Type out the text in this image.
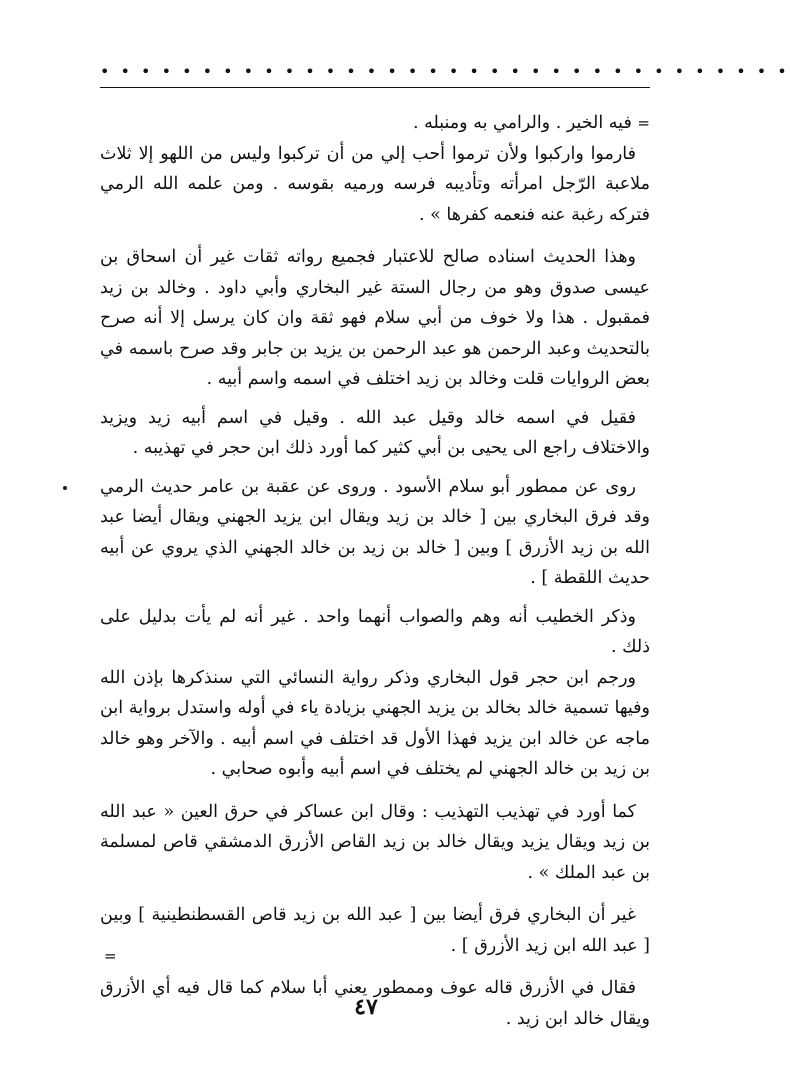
• • • • • • • • • • • • • • • • • • • • • • • • • • • • • • • • • •

= فيه الخير . والرامي به ومنبله .

فارموا واركبوا ولأن ترموا أحب إلي من أن تركبوا وليس من اللهو إلا ثلاث ملاعبة الرّجل امرأته وتأديبه فرسه ورميه بقوسه . ومن علمه الله الرمي فتركه رغبة عنه فنعمه كفرها » .

وهذا الحديث اسناده صالح للاعتبار فجميع رواته ثقات غير أن اسحاق بن عيسى صدوق وهو من رجال الستة غير البخاري وأبي داود . وخالد بن زيد فمقبول . هذا ولا خوف من أبي سلام فهو ثقة وان كان يرسل إلا أنه صرح بالتحديث وعبد الرحمن هو عبد الرحمن بن يزيد بن جابر وقد صرح باسمه في بعض الروايات قلت وخالد بن زيد اختلف في اسمه واسم أبيه .

فقيل في اسمه خالد وقيل عبد الله . وقيل في اسم أبيه زيد ويزيد والاختلاف راجع الى يحيى بن أبي كثير كما أورد ذلك ابن حجر في تهذيبه .

روى عن ممطور أبو سلام الأسود . وروى عن عقبة بن عامر حديث الرمي وقد فرق البخاري بين [ خالد بن زيد ويقال ابن يزيد الجهني ويقال أيضا عبد الله بن زيد الأزرق ] وبين [ خالد بن زيد بن خالد الجهني الذي يروي عن أبيه حديث اللقطة ] .

وذكر الخطيب أنه وهم والصواب أنهما واحد . غير أنه لم يأت بدليل على ذلك .

ورجم ابن حجر قول البخاري وذكر رواية النسائي التي سنذكرها بإذن الله وفيها تسمية خالد بخالد بن يزيد الجهني بزيادة ياء في أوله واستدل برواية ابن ماجه عن خالد ابن يزيد فهذا الأول قد اختلف في اسم أبيه . والآخر وهو خالد بن زيد بن خالد الجهني لم يختلف في اسم أبيه وأبوه صحابي .

كما أورد في تهذيب التهذيب : وقال ابن عساكر في حرق العين « عبد الله بن زيد ويقال يزيد ويقال خالد بن زيد القاص الأزرق الدمشقي قاص لمسلمة بن عبد الملك » .

غير أن البخاري فرق أيضا بين [ عبد الله بن زيد قاص القسطنطينية ] وبين [ عبد الله ابن زيد الأزرق ] .

فقال في الأزرق قاله عوف وممطور يعني أبا سلام كما قال فيه أي الأزرق ويقال خالد ابن زيد .

=
٤٧
